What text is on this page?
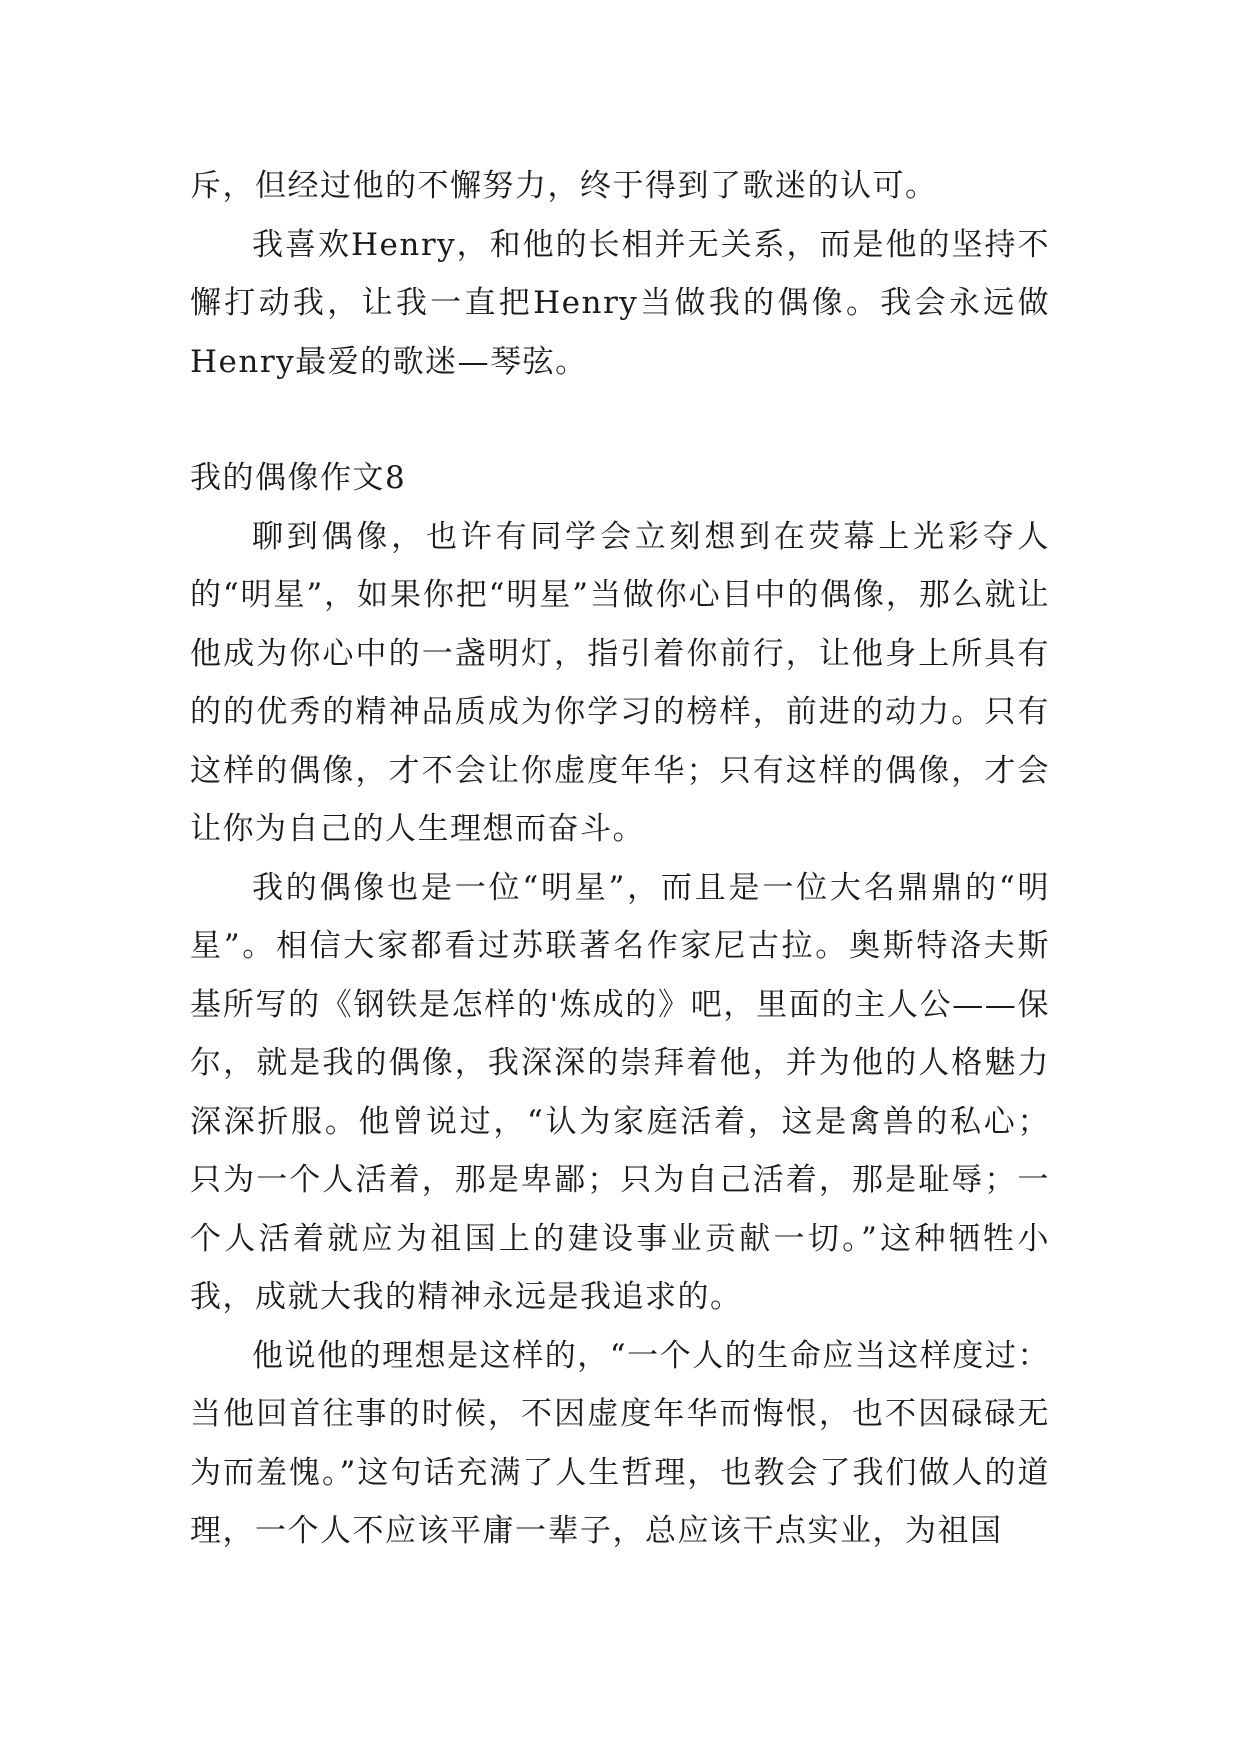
斥，但经过他的不懈努力，终于得到了歌迷的认可。

我喜欢Henry，和他的长相并无关系，而是他的坚持不懈打动我，让我一直把Henry当做我的偶像。我会永远做Henry最爱的歌迷—琴弦。

我的偶像作文8

聊到偶像，也许有同学会立刻想到在荧幕上光彩夺人的“明星”，如果你把“明星”当做你心目中的偶像，那么就让他成为你心中的一盏明灯，指引着你前行，让他身上所具有的的优秀的精神品质成为你学习的榜样，前进的动力。只有这样的偶像，才不会让你虚度年华；只有这样的偶像，才会让你为自己的人生理想而奋斗。

我的偶像也是一位“明星”，而且是一位大名鼎鼎的“明星”。相信大家都看过苏联著名作家尼古拉。奥斯特洛夫斯基所写的《钢铁是怎样的'炼成的》吧，里面的主人公——保尔，就是我的偶像，我深深的崇拜着他，并为他的人格魅力深深折服。他曾说过，“认为家庭活着，这是禽兽的私心；只为一个人活着，那是卑鄙；只为自己活着，那是耻辱；一个人活着就应为祖国上的建设事业贡献一切。”这种牺牲小我，成就大我的精神永远是我追求的。

他说他的理想是这样的，“一个人的生命应当这样度过：当他回首往事的时候，不因虚度年华而悔恨，也不因碌碌无为而羞愧。”这句话充满了人生哲理，也教会了我们做人的道理，一个人不应该平庸一辈子，总应该干点实业，为祖国
